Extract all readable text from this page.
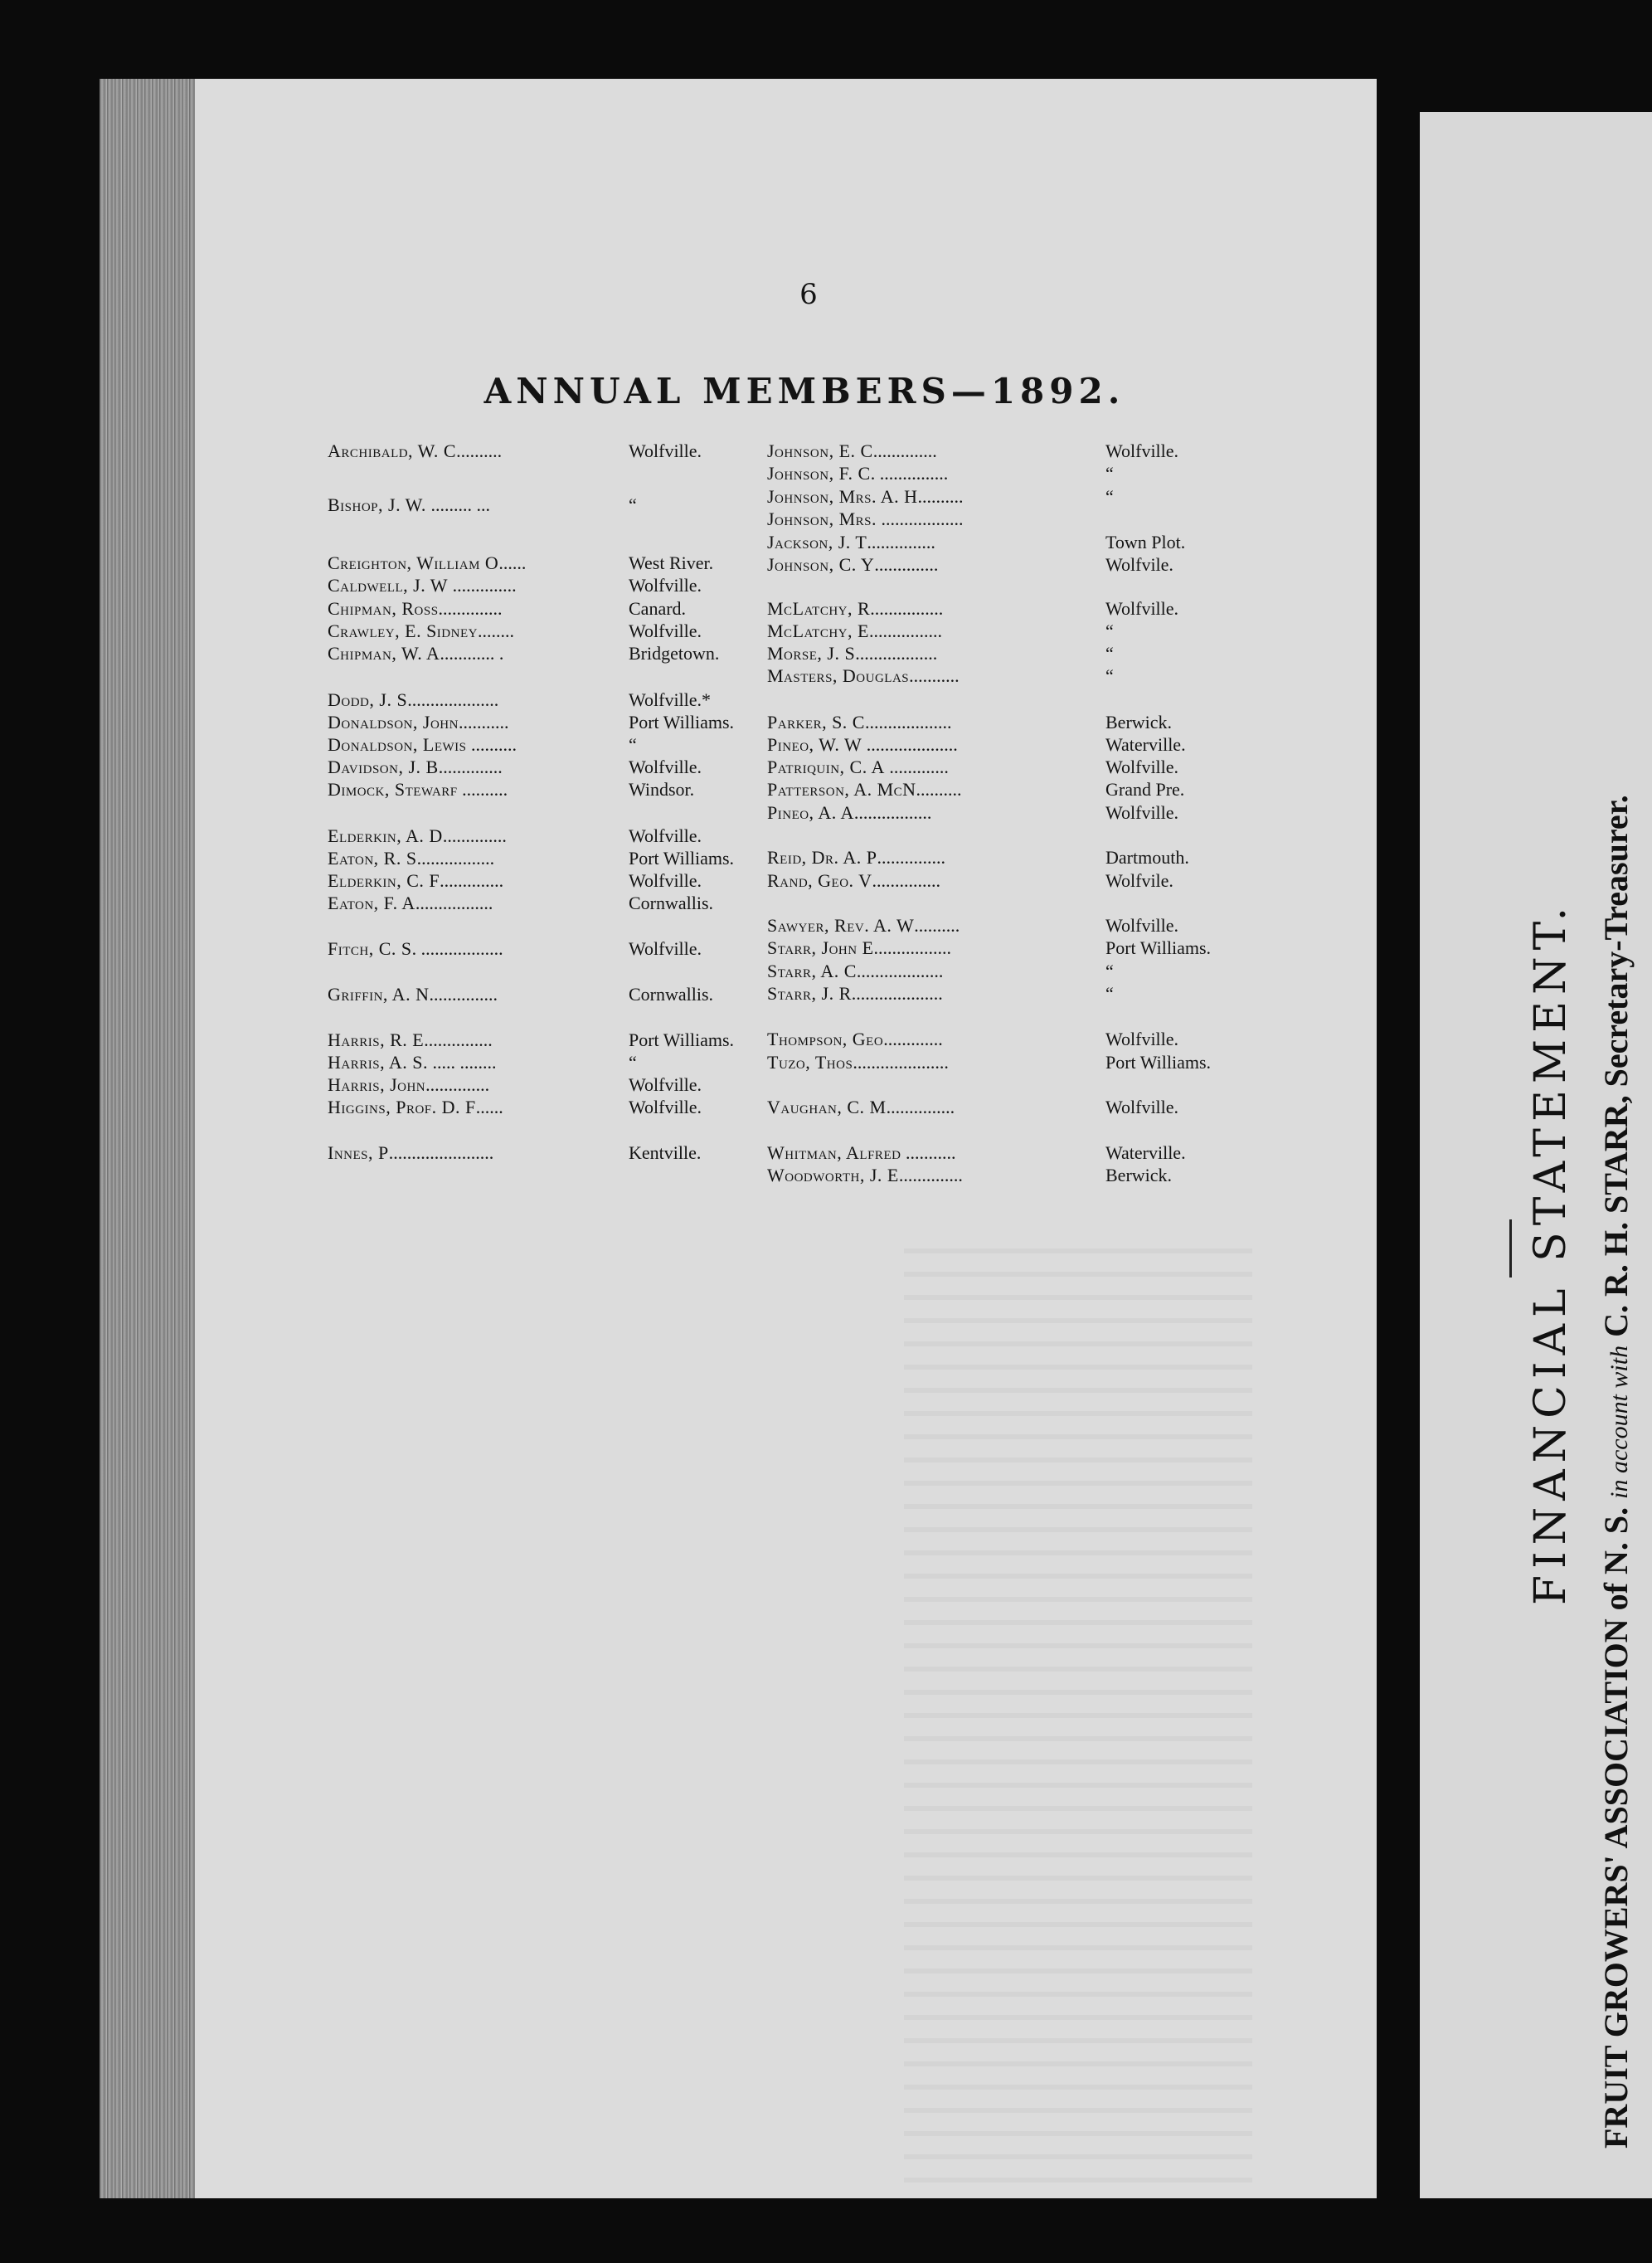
6
ANNUAL MEMBERS—1892.
Archibald, W. C..........	Wolfville.
Bishop, J. W. ......... ...	“
Creighton, William O......	West River.
Caldwell, J. W ..............	Wolfville.
Chipman, Ross..............	Canard.
Crawley, E. Sidney........	Wolfville.
Chipman, W. A............ .	Bridgetown.
Dodd, J. S....................	Wolfville.*
Donaldson, John...........	Port Williams.
Donaldson, Lewis ..........	“
Davidson, J. B..............	Wolfville.
Dimock, Stewarf ..........	Windsor.
Elderkin, A. D..............	Wolfville.
Eaton, R. S.................	Port Williams.
Elderkin, C. F..............	Wolfville.
Eaton, F. A.................	Cornwallis.
Fitch, C. S. ..................	Wolfville.
Griffin, A. N...............	Cornwallis.
Harris, R. E...............	Port Williams.
Harris, A. S. ..... ........	“
Harris, John..............	Wolfville.
Higgins, Prof. D. F......	Wolfville.
Innes, P.......................	Kentville.
Johnson, E. C..............	Wolfville.
Johnson, F. C. ...............	“
Johnson, Mrs. A. H..........	“
Johnson, Mrs. ..................
Jackson, J. T...............	Town Plot.
Johnson, C. Y..............	Wolfvile.
McLatchy, R................	Wolfville.
McLatchy, E................	“
Morse, J. S..................	“
Masters, Douglas...........	“
Parker, S. C...................	Berwick.
Pineo, W. W ....................	Waterville.
Patriquin, C. A .............	Wolfville.
Patterson, A. McN..........	Grand Pre.
Pineo, A. A.................	Wolfville.
Reid, Dr. A. P...............	Dartmouth.
Rand, Geo. V...............	Wolfvile.
Sawyer, Rev. A. W..........	Wolfville.
Starr, John E.................	Port Williams.
Starr, A. C...................	“
Starr, J. R....................	“
Thompson, Geo.............	Wolfville.
Tuzo, Thos.....................	Port Williams.
Vaughan, C. M...............	Wolfville.
Whitman, Alfred ...........	Waterville.
Woodworth, J. E..............	Berwick.	FINANCIAL STATEMENT.
FRUIT GROWERS' ASSOCIATION of N. S. in account with C. R. H. STARR, Secretary-Treasurer.
